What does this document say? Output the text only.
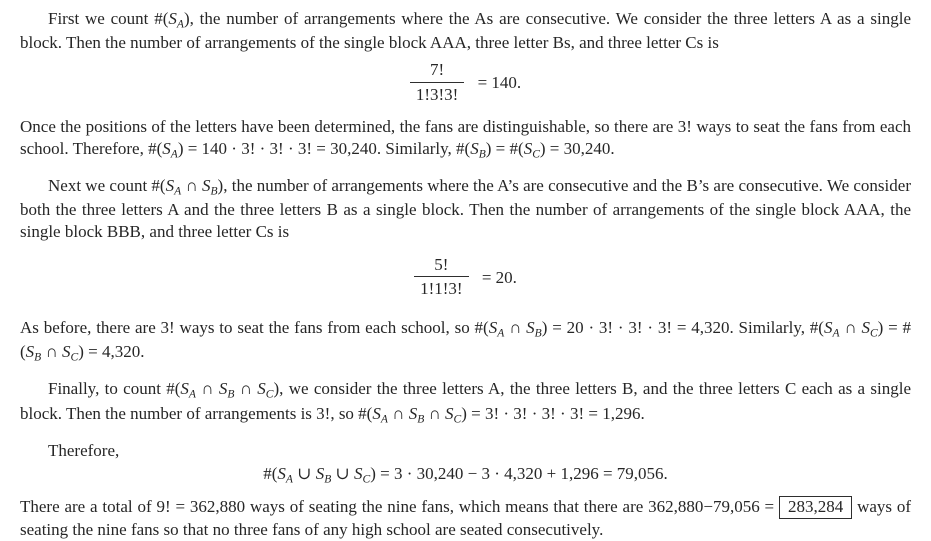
First we count $\#(S_A)$, the number of arrangements where the As are consecutive. We consider the three letters A as a single block. Then the number of arrangements of the single block AAA, three letter Bs, and three letter Cs is

$\frac{7!}{1!3!3!} = 140$.

Once the positions of the letters have been determined, the fans are distinguishable, so there are 3! ways to seat the fans from each school. Therefore, $\#(S_A) = 140 \cdot 3$! · 3! · 3! = 30,240. Similarly, $\#(S_B)$ = $\#(S_C) = 30,240$.

Next we count $\#(S_A$ ∩ $S_B$), the number of arrangements where the A’s are consecutive and the B’s are consecutive. We consider both the three letters A and the three letters B as a single block. Then the number of arrangements of the single block AAA, the single block BBB, and three letter Cs is

$\frac{5!}{1!1!3!} = 20$.

As before, there are 3! ways to seat the fans from each school, so $\#(S_A$ ∩ $S_B) = 20 \cdot 3$! · 3! · 3! = 4,320. Similarly, $\#(S_A$ ∩ $S_C$) = $\#(S_B$ ∩ $S_C) = 4,320$.

Finally, to count $\#(S_A$ ∩ $S_B$ ∩ $S_C$), we consider the three letters A, the three letters B, and the three letters C each as a single block. Then the number of arrangements is 3!, so $\#(S_A$ ∩ $S_B$ ∩ $S_C) = 3$! · 3! · 3! · 3! = 1,296.

Therefore,

$\#(S_A$ ∪ $S_B$ ∪ $S_C) = 3 \cdot 30,240 - 3 \cdot 4,320 + 1,296 = 79,056$.

There are a total of 9! = 362,880 ways of seating the nine fans, which means that there are 362,880−79,056 = 283,284 ways of seating the nine fans so that no three fans of any high school are seated consecutively.
